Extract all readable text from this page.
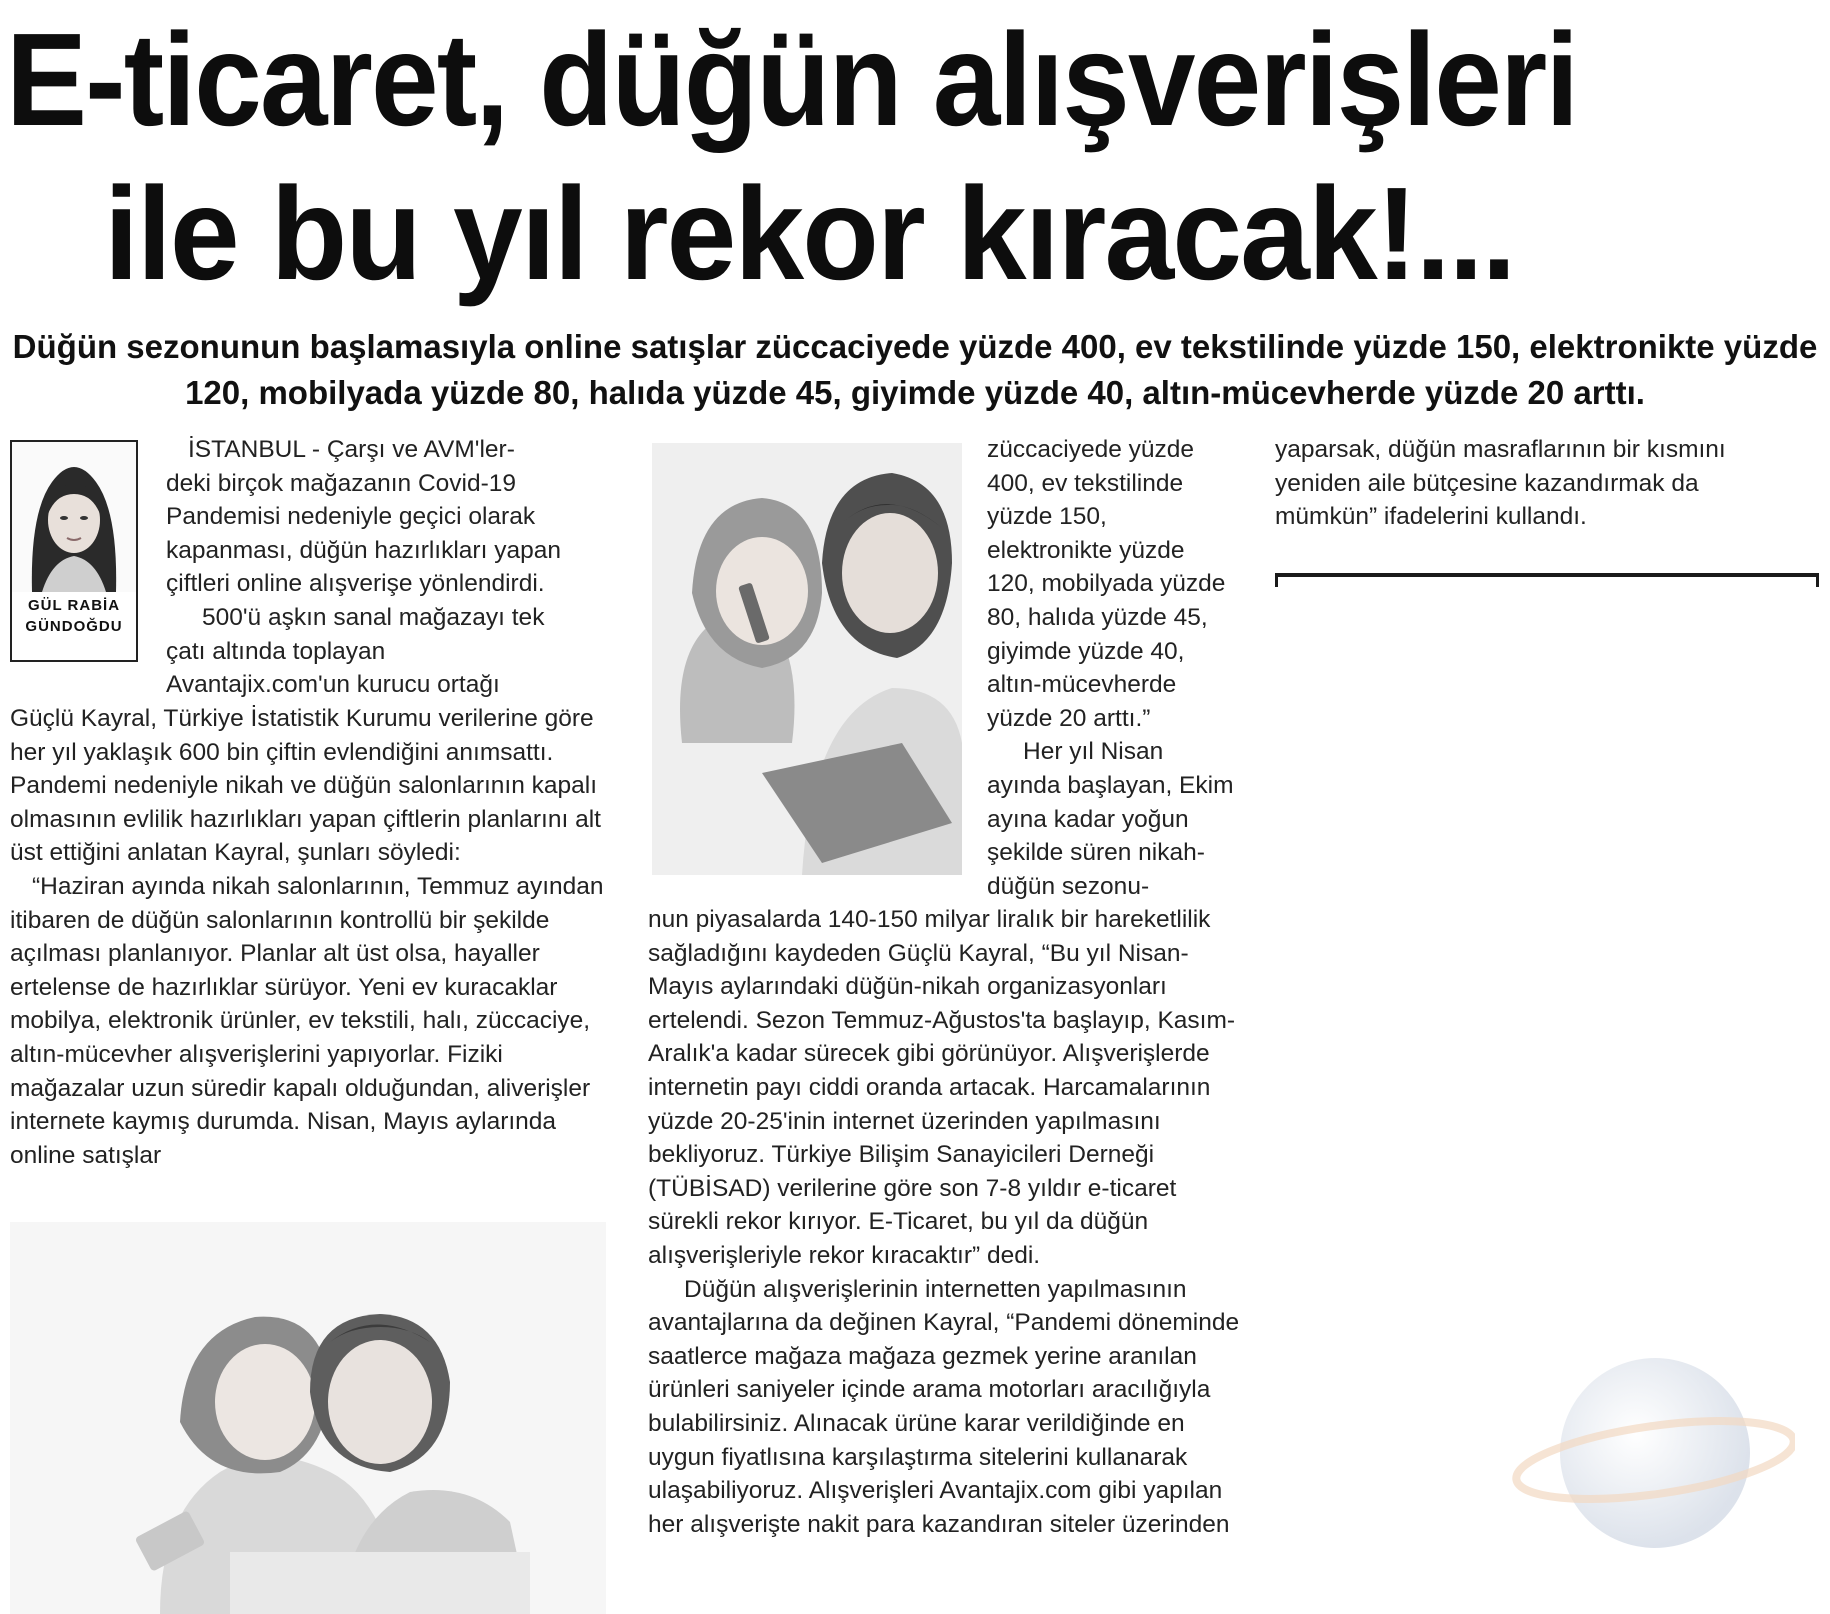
E-ticaret, düğün alışverişleri
ile bu yıl rekor kıracak!...

Düğün sezonunun başlamasıyla online satışlar züccaciyede yüzde 400, ev tekstilinde yüzde 150, elektronikte yüzde 120, mobilyada yüzde 80, halıda yüzde 45, giyimde yüzde 40, altın-mücevherde yüzde 20 arttı.

GÜL RABİA
GÜNDOĞDU

İSTANBUL - Çarşı ve AVM'ler-

deki birçok mağazanın Covid-19

Pandemisi nedeniyle geçici olarak

kapanması, düğün hazırlıkları yapan

çiftleri online alışverişe yönlendirdi.

500'ü aşkın sanal mağazayı tek

çatı altında toplayan

Avantajix.com'un kurucu ortağı

Güçlü Kayral, Türkiye İstatistik Kurumu verilerine göre her yıl yaklaşık 600 bin çiftin evlendiğini anımsattı. Pandemi nedeniyle nikah ve düğün salonlarının kapalı olmasının evlilik hazırlıkları yapan çiftlerin planlarını alt üst ettiğini anlatan Kayral, şunları söyledi:

“Haziran ayında nikah salonlarının, Temmuz ayından itibaren de düğün salonlarının kontrollü bir şekilde açılması planlanıyor. Planlar alt üst olsa, hayaller ertelense de hazırlıklar sürüyor. Yeni ev kuracaklar mobilya, elektronik ürünler, ev tekstili, halı, züccaciye, altın-mücevher alışverişlerini yapıyorlar. Fiziki mağazalar uzun süredir kapalı olduğundan, aliverişler internete kaymış durumda. Nisan, Mayıs aylarında online satışlar

züccaciyede yüzde 400, ev tekstilinde yüzde 150, elektronikte yüzde 120, mobilyada yüzde 80, halıda yüzde 45, giyimde yüzde 40, altın-mücevherde yüzde 20 arttı.”

Her yıl Nisan ayında başlayan, Ekim ayına kadar yoğun şekilde süren nikah-düğün sezonu-

nun piyasalarda 140-150 milyar liralık bir hareketlilik sağladığını kaydeden Güçlü Kayral, “Bu yıl Nisan-Mayıs aylarındaki düğün-nikah organizasyonları ertelendi. Sezon Temmuz-Ağustos'ta başlayıp, Kasım-Aralık'a kadar sürecek gibi görünüyor. Alışverişlerde internetin payı ciddi oranda artacak. Harcamalarının yüzde 20-25'inin internet üzerinden yapılmasını bekliyoruz. Türkiye Bilişim Sanayicileri Derneği (TÜBİSAD) verilerine göre son 7-8 yıldır e-ticaret sürekli rekor kırıyor. E-Ticaret, bu yıl da düğün alışverişleriyle rekor kıracaktır” dedi.

Düğün alışverişlerinin internetten yapılmasının avantajlarına da değinen Kayral, “Pandemi döneminde saatlerce mağaza mağaza gezmek yerine aranılan ürünleri saniyeler içinde arama motorları aracılığıyla bulabilirsiniz. Alınacak ürüne karar verildiğinde en uygun fiyatlısına karşılaştırma sitelerini kullanarak ulaşabiliyoruz. Alışverişleri Avantajix.com gibi yapılan her alışverişte nakit para kazandıran siteler üzerinden

yaparsak, düğün masraflarının bir kısmını yeniden aile bütçesine kazandırmak da mümkün” ifadelerini kullandı.
